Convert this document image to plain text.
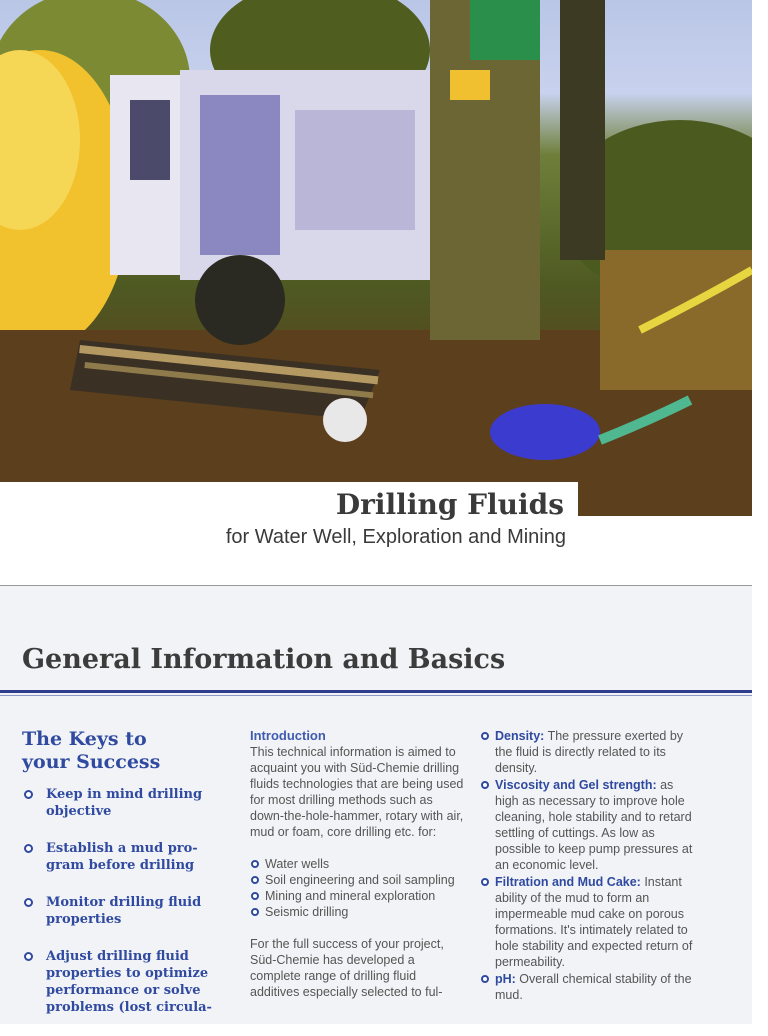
Drilling Fluids

for Water Well, Exploration and Mining

General Information and Basics
The Keys to
your Success
Keep in mind drilling objective
Establish a mud pro-gram before drilling
Monitor drilling fluid properties
Adjust drilling fluid properties to optimize performance or solve problems (lost circula-
Introduction

This technical information is aimed to acquaint you with Süd-Chemie drilling fluids technologies that are being used for most drilling methods such as down-the-hole-hammer, rotary with air, mud or foam, core drilling etc. for:

Water wells
Soil engineering and soil sampling
Mining and mineral exploration
Seismic drilling

For the full success of your project, Süd-Chemie has developed a complete range of drilling fluid additives especially selected to ful-

Density: The pressure exerted by the fluid is directly related to its density.
Viscosity and Gel strength: as high as necessary to improve hole cleaning, hole stability and to retard settling of cuttings. As low as possible to keep pump pressures at an economic level.
Filtration and Mud Cake: Instant ability of the mud to form an impermeable mud cake on porous formations. It's intimately related to hole stability and expected return of permeability.
pH: Overall chemical stability of the mud.
